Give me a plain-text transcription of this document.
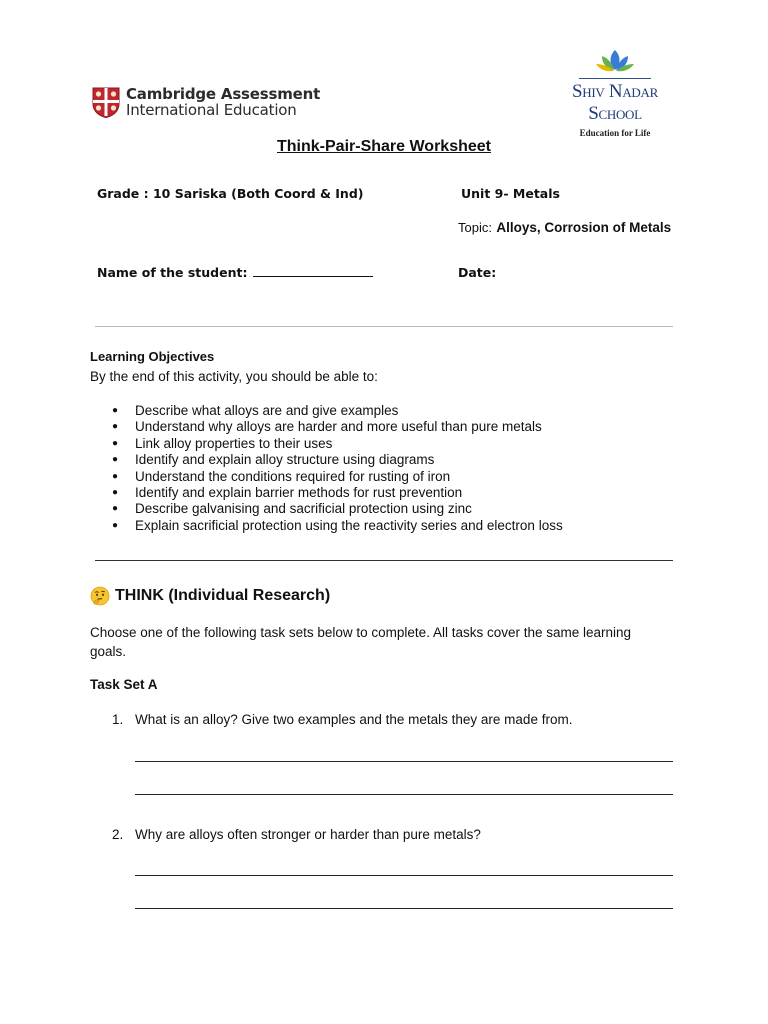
Cambridge Assessment
International Education
Shiv Nadar School
Education for Life
Think-Pair-Share Worksheet
Grade : 10 Sariska (Both Coord & Ind)	Unit 9- Metals
Topic: Alloys, Corrosion of Metals
Name of the student:	Date:
Learning Objectives
By the end of this activity, you should be able to:
● Describe what alloys are and give examples
● Understand why alloys are harder and more useful than pure metals
● Link alloy properties to their uses
● Identify and explain alloy structure using diagrams
● Understand the conditions required for rusting of iron
● Identify and explain barrier methods for rust prevention
● Describe galvanising and sacrificial protection using zinc
● Explain sacrificial protection using the reactivity series and electron loss
THINK (Individual Research)
Choose one of the following task sets below to complete. All tasks cover the same learning goals.
Task Set A
1. What is an alloy? Give two examples and the metals they are made from.
2. Why are alloys often stronger or harder than pure metals?
